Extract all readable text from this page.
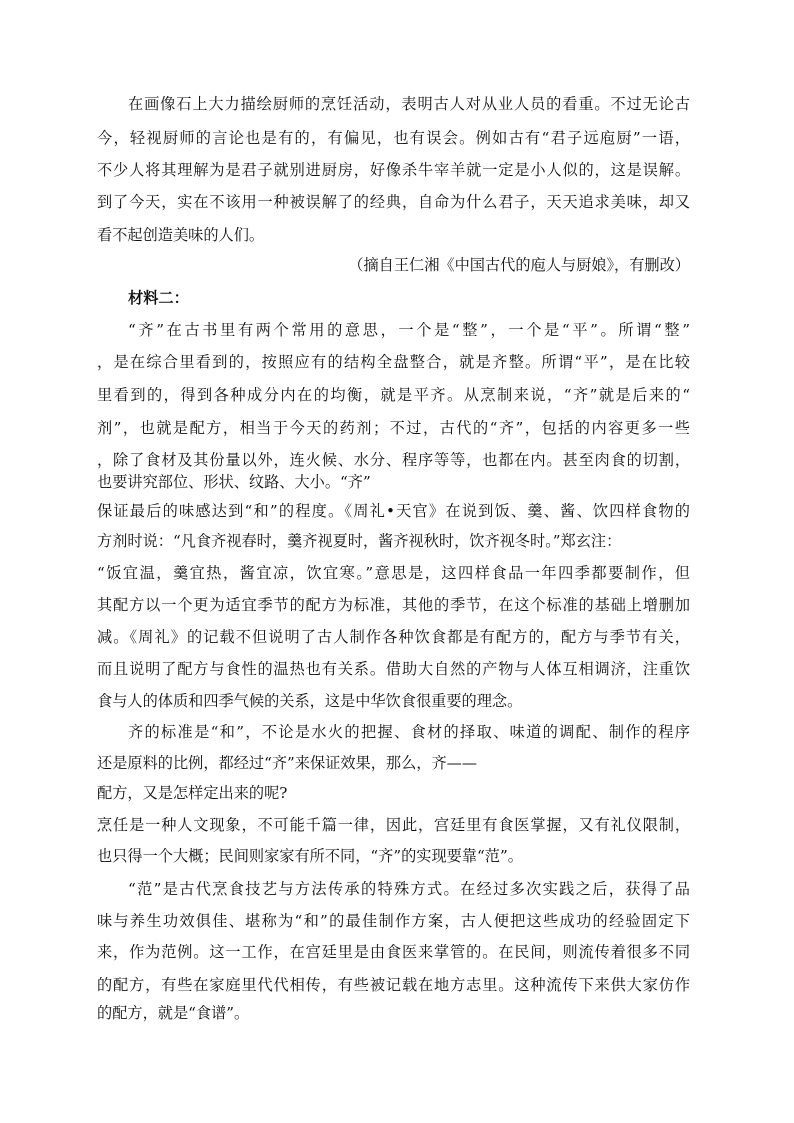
在画像石上大力描绘厨师的烹饪活动，表明古人对从业人员的看重。不过无论古
今，轻视厨师的言论也是有的，有偏见，也有误会。例如古有“君子远庖厨”一语，
不少人将其理解为是君子就别进厨房，好像杀牛宰羊就一定是小人似的，这是误解。
到了今天，实在不该用一种被误解了的经典，自命为什么君子，天天追求美味，却又
看不起创造美味的人们。
（摘自王仁湘《中国古代的庖人与厨娘》，有删改）
材料二：
“齐”在古书里有两个常用的意思，一个是“整”，一个是“平”。所谓“整”
，是在综合里看到的，按照应有的结构全盘整合，就是齐整。所谓“平”，是在比较
里看到的，得到各种成分内在的均衡，就是平齐。从烹制来说，“齐”就是后来的“
剂”，也就是配方，相当于今天的药剂；不过，古代的“齐”，包括的内容更多一些
，除了食材及其份量以外，连火候、水分、程序等等，也都在内。甚至肉食的切割，
也要讲究部位、形状、纹路、大小。“齐”
保证最后的味感达到“和”的程度。《周礼•天官》在说到饭、羹、酱、饮四样食物的
方剂时说：“凡食齐视春时，羹齐视夏时，酱齐视秋时，饮齐视冬时。”郑玄注：
“饭宜温，羹宜热，酱宜凉，饮宜寒。”意思是，这四样食品一年四季都要制作，但
其配方以一个更为适宜季节的配方为标准，其他的季节，在这个标准的基础上增删加
减。《周礼》的记载不但说明了古人制作各种饮食都是有配方的，配方与季节有关，
而且说明了配方与食性的温热也有关系。借助大自然的产物与人体互相调济，注重饮
食与人的体质和四季气候的关系，这是中华饮食很重要的理念。
齐的标准是“和”，不论是水火的把握、食材的择取、味道的调配、制作的程序
还是原料的比例，都经过“齐”来保证效果，那么，齐——
配方，又是怎样定出来的呢?
烹任是一种人文现象，不可能千篇一律，因此，宫廷里有食医掌握，又有礼仪限制，
也只得一个大概；民间则家家有所不同，“齐”的实现要靠“范”。
“范”是古代烹食技艺与方法传承的特殊方式。在经过多次实践之后，获得了品
味与养生功效俱佳、堪称为“和”的最佳制作方案，古人便把这些成功的经验固定下
来，作为范例。这一工作，在宫廷里是由食医来掌管的。在民间，则流传着很多不同
的配方，有些在家庭里代代相传，有些被记载在地方志里。这种流传下来供大家仿作
的配方，就是“食谱”。
